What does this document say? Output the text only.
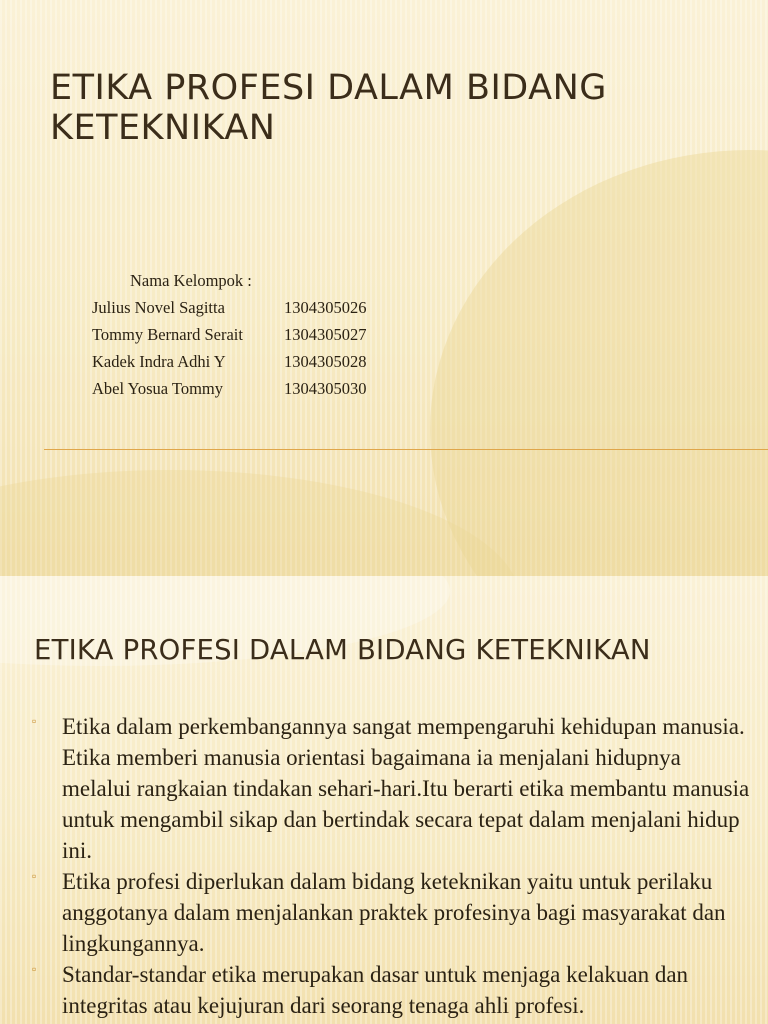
ETIKA PROFESI DALAM BIDANG KETEKNIKAN
Nama Kelompok :
Julius Novel Sagitta	1304305026
Tommy Bernard Serait	1304305027
Kadek Indra Adhi Y	1304305028
Abel Yosua Tommy	1304305030
ETIKA PROFESI DALAM BIDANG KETEKNIKAN
▫ Etika dalam perkembangannya sangat mempengaruhi kehidupan manusia. Etika memberi manusia orientasi bagaimana ia menjalani hidupnya melalui rangkaian tindakan sehari-hari.Itu berarti etika membantu manusia untuk mengambil sikap dan bertindak secara tepat dalam menjalani hidup ini.
▫ Etika profesi diperlukan dalam bidang keteknikan yaitu untuk perilaku anggotanya dalam menjalankan praktek profesinya bagi masyarakat dan lingkungannya.
▫ Standar-standar etika merupakan dasar untuk menjaga kelakuan dan integritas atau kejujuran dari seorang tenaga ahli profesi.
